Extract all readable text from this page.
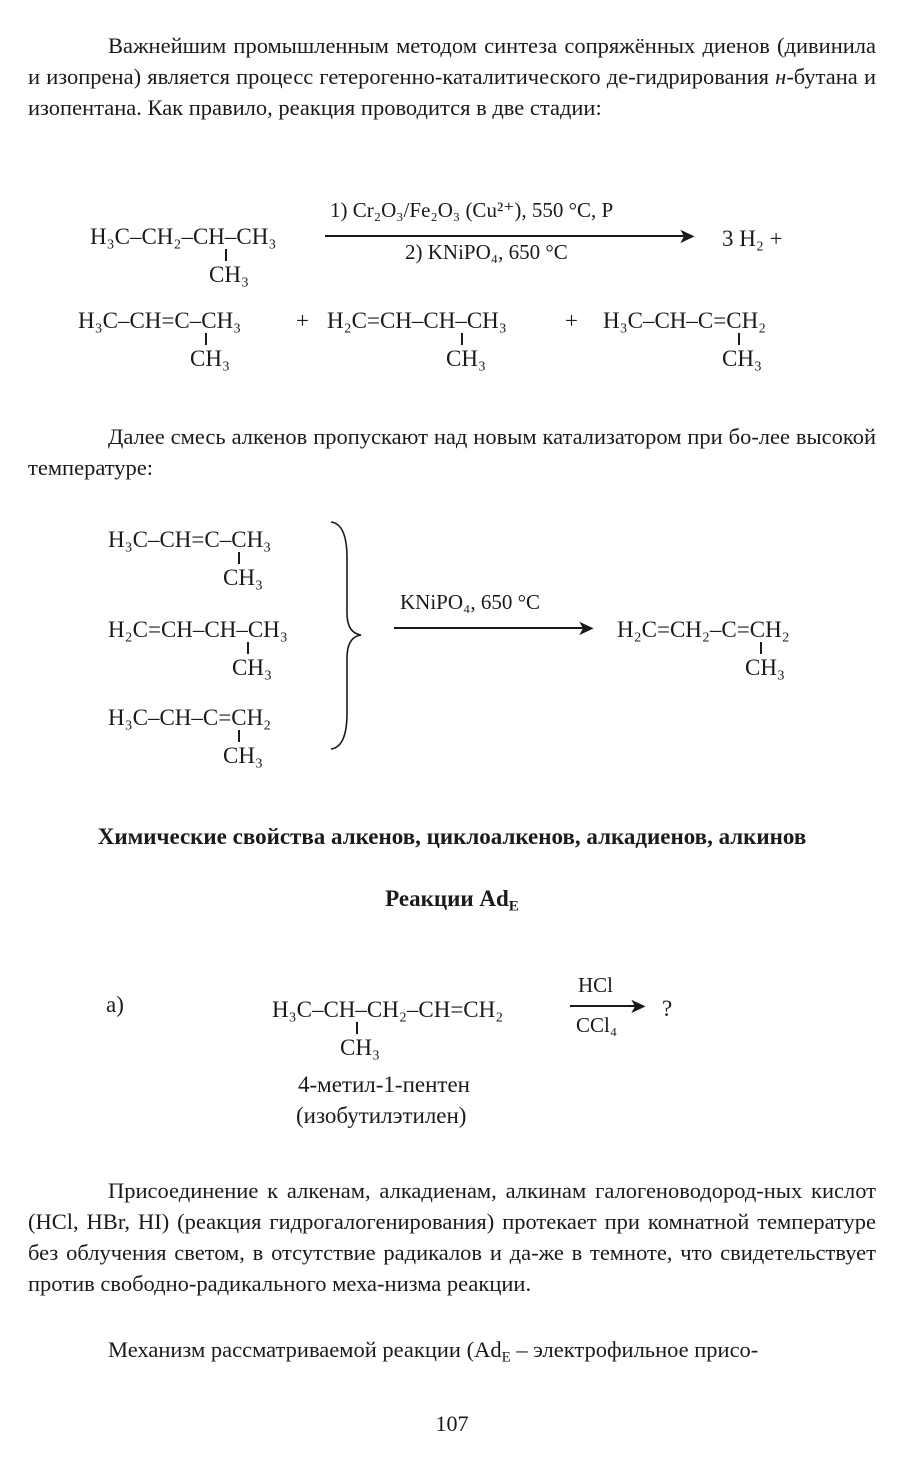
Важнейшим промышленным методом синтеза сопряжённых диенов (дивинила и изопрена) является процесс гетерогенно-каталитического де-гидрирования н-бутана и изопентана. Как правило, реакция проводится в две стадии:

H₃C–CH₂–CH–CH₃
CH₃
1) Cr₂O₃/Fe₂O₃ (Cu²⁺), 550 °C, P
➤
2) KNiPO₄, 650 °C
3 H₂ +
H₃C–CH=C–CH₃
CH₃
+ H₂C=CH–CH–CH₃
CH₃
+ H₃C–CH–C=CH₂
CH₃

Далее смесь алкенов пропускают над новым катализатором при бо-лее высокой температуре:

H₃C–CH=C–CH₃
CH₃
H₂C=CH–CH–CH₃
CH₃
H₃C–CH–C=CH₂
CH₃
KNiPO₄, 650 °C
➤ H₂C=CH₂–C=CH₂
CH₃

Химические свойства алкенов, циклоалкенов, алкадиенов, алкинов

Реакции $Ad_E$

а)	H₃C–CH–CH₂–CH=CH₂
CH₃
HCl
➤
CCl₄
?
4-метил-1-пентен
(изобутилэтилен)

Присоединение к алкенам, алкадиенам, алкинам галогеноводород-ных кислот (HCl, HBr, HI) (реакция гидрогалогенирования) протекает при комнатной температуре без облучения светом, в отсутствие радикалов и да-же в темноте, что свидетельствует против свободно-радикального меха-низма реакции.

Механизм рассматриваемой реакции ($Ad_E$ – электрофильное присо-

107
